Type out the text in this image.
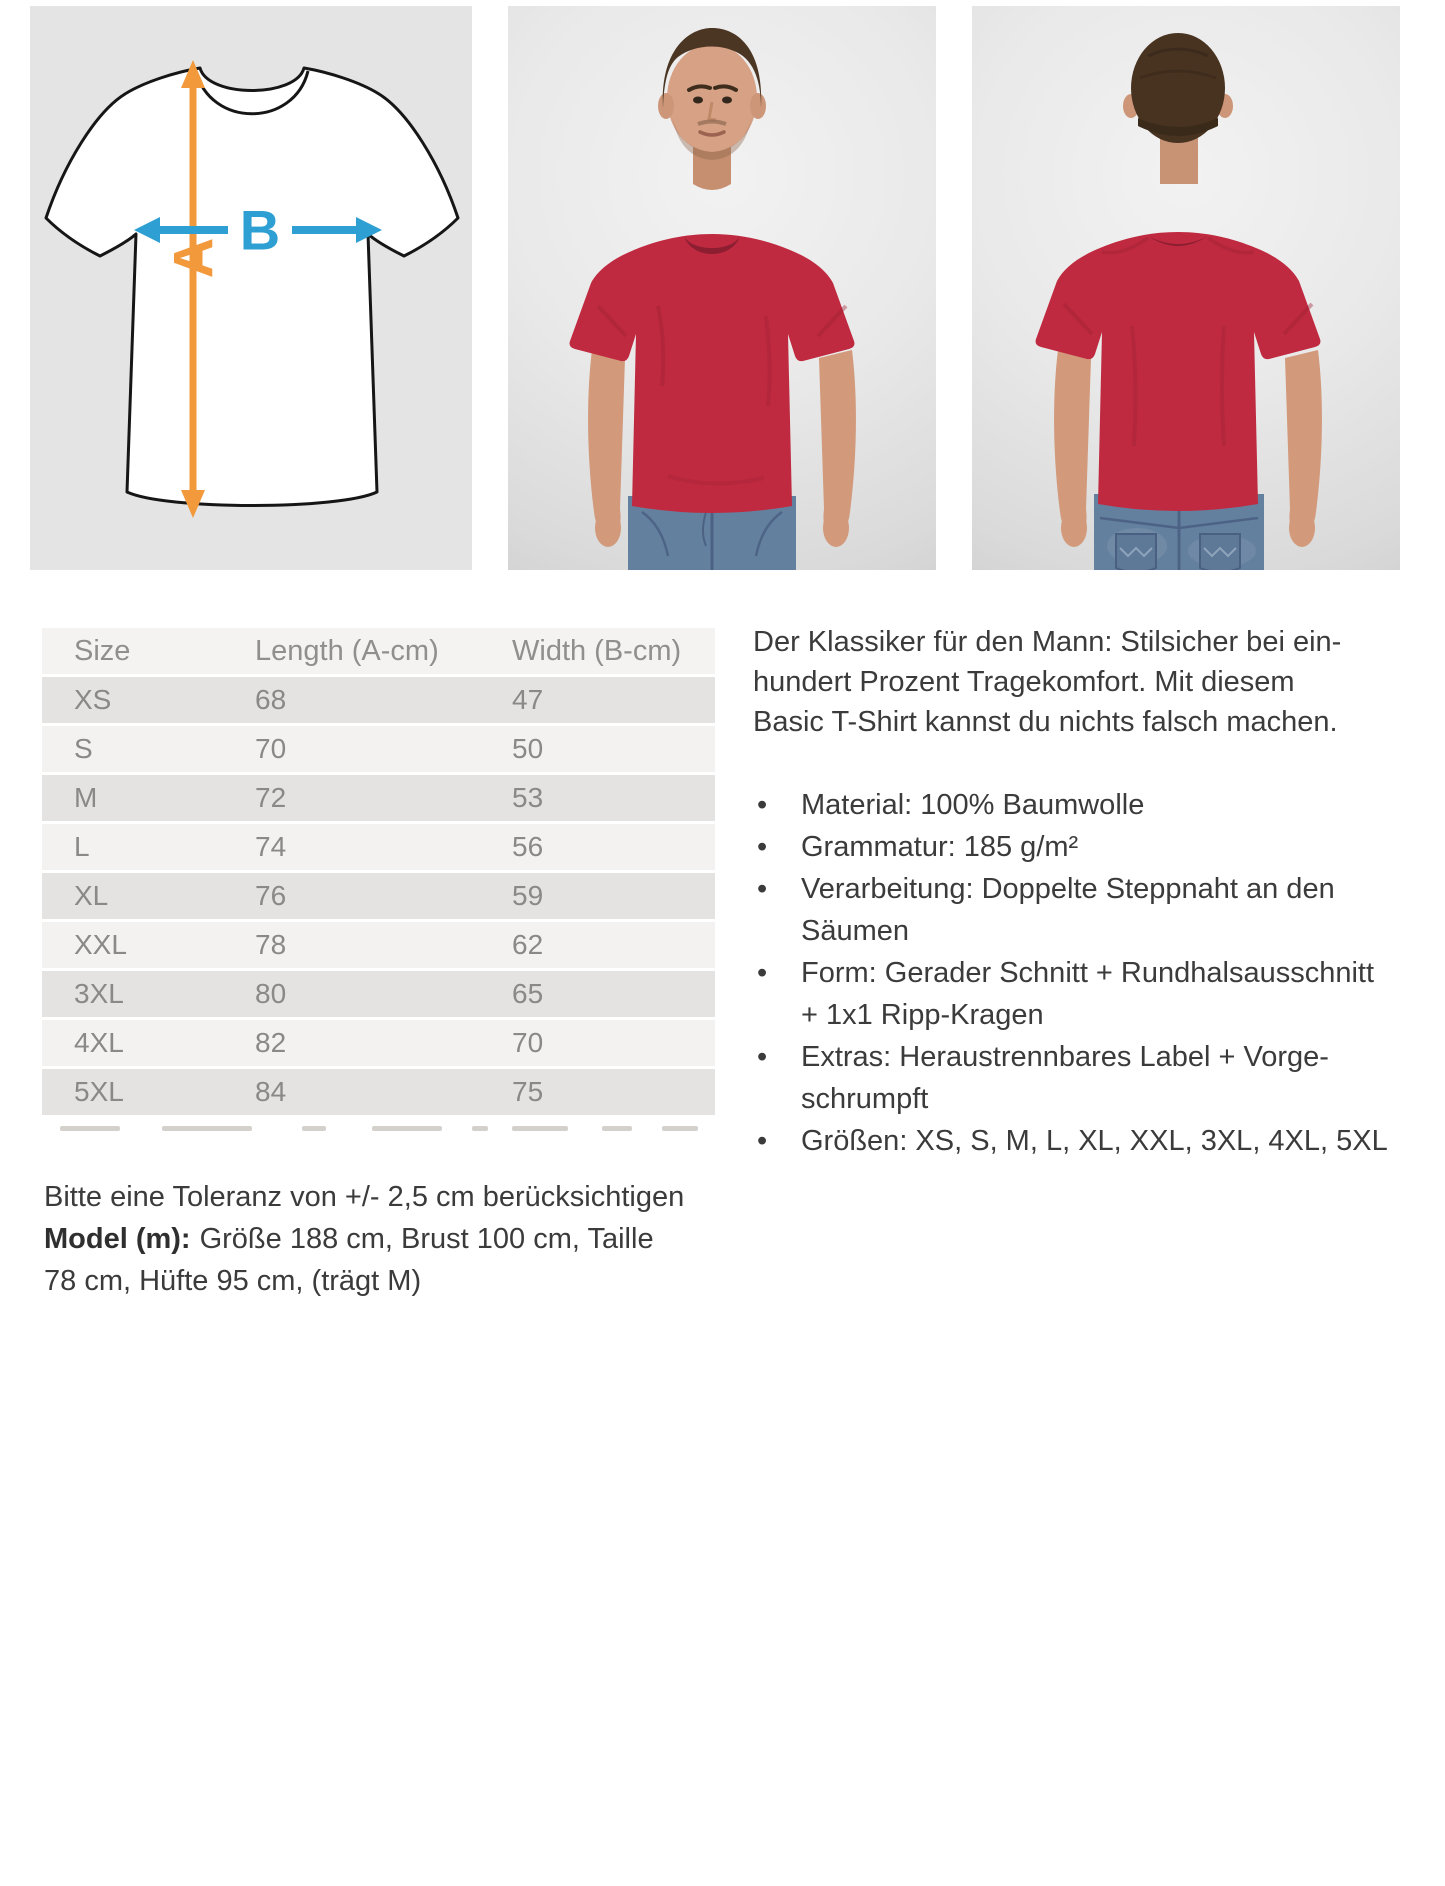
A B
Size	Length (A-cm)	Width (B-cm)
XS	68	47
S	70	50
M	72	53
L	74	56
XL	76	59
XXL	78	62
3XL	80	65
4XL	82	70
5XL	84	75

Der Klassiker für den Mann: Stilsicher bei ein-
hundert Prozent Tragekomfort. Mit diesem
Basic T-Shirt kannst du nichts falsch machen.

•	Material: 100% Baumwolle
•	Grammatur: 185 g/m²
•	Verarbeitung: Doppelte Steppnaht an den
Säumen
•	Form: Gerader Schnitt + Rundhalsausschnitt
+ 1x1 Ripp-Kragen
•	Extras: Heraustrennbares Label + Vorge-
schrumpft
•	Größen: XS, S, M, L, XL, XXL, 3XL, 4XL, 5XL
Bitte eine Toleranz von +/- 2,5 cm berücksichtigen
Model (m): Größe 188 cm, Brust 100 cm, Taille
78 cm, Hüfte 95 cm, (trägt M)
